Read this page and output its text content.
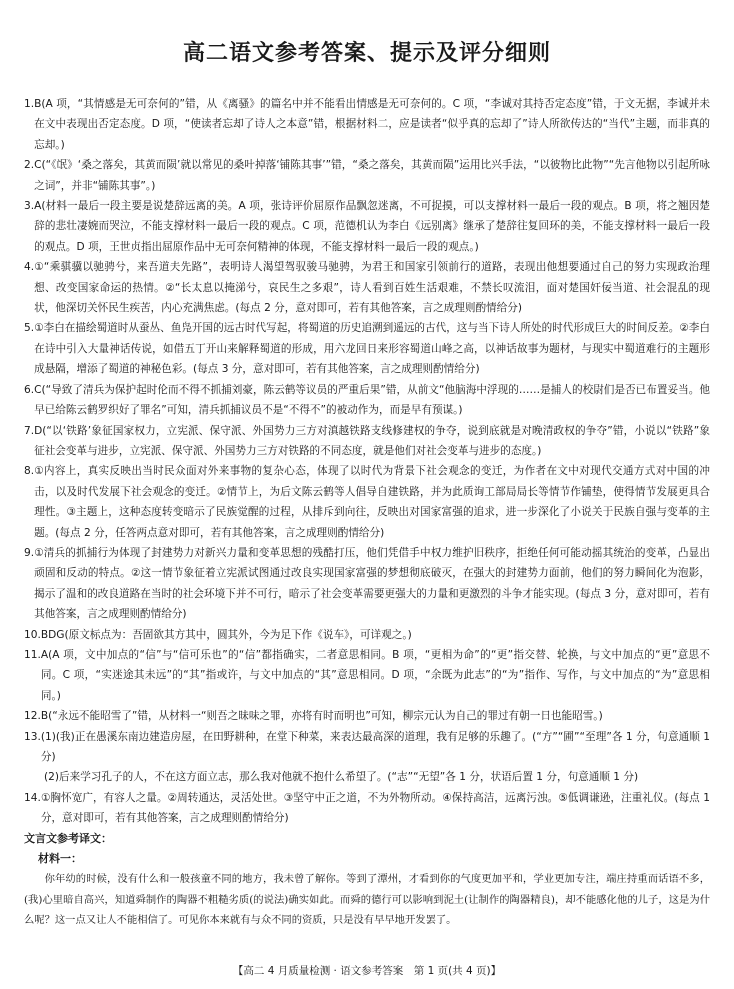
高二语文参考答案、提示及评分细则
1. B(A 项，“其情感是无可奈何的”错，从《离骚》的篇名中并不能看出情感是无可奈何的。C 项，“李诚对其持否定态度”错，于文无据，李诚并未在文中表现出否定态度。D 项，“使读者忘却了诗人之本意”错，根据材料二，应是读者“似乎真的忘却了”诗人所欲传达的“当代”主题，而非真的忘却。)
2. C(“《氓》‘桑之落矣，其黄而陨’就以常见的桑叶掉落‘铺陈其事’”错，“桑之落矣，其黄而陨”运用比兴手法，“以彼物比此物”“先言他物以引起所咏之词”，并非“铺陈其事”。)
3. A(材料一最后一段主要是说楚辞远离的美。A 项，张诗评价屈原作品飘忽迷离，不可捉摸，可以支撑材料一最后一段的观点。B 项，将之翘因楚辞的悲壮凄婉而哭泣，不能支撑材料一最后一段的观点。C 项，范德机认为李白《远别离》继承了楚辞往复回环的美，不能支撑材料一最后一段的观点。D 项，王世贞指出屈原作品中无可奈何精神的体现，不能支撑材料一最后一段的观点。)
4. ①“乘骐骥以驰骋兮，来吾道夫先路”，表明诗人渴望驾驭骏马驰骋，为君王和国家引领前行的道路，表现出他想要通过自己的努力实现政治理想、改变国家命运的热情。②“长太息以掩涕兮，哀民生之多艰”，诗人看到百姓生活艰难，不禁长叹流泪，面对楚国奸佞当道、社会混乱的现状，他深切关怀民生疾苦，内心充满焦虑。(每点 2 分，意对即可，若有其他答案，言之成理则酌情给分)
5. ①李白在描绘蜀道时从蚕丛、鱼凫开国的远古时代写起，将蜀道的历史追溯到遥远的古代，这与当下诗人所处的时代形成巨大的时间反差。②李白在诗中引入大量神话传说，如借五丁开山来解释蜀道的形成，用六龙回日来形容蜀道山峰之高，以神话故事为题材，与现实中蜀道难行的主题形成悬隔，增添了蜀道的神秘色彩。(每点 3 分，意对即可，若有其他答案，言之成理则酌情给分)
6. C(“导致了清兵为保护起时伦而不得不抓捕刘豪，陈云鹤等议员的严重后果”错，从前文“他脑海中浮现的……是捕人的校尉们是否已布置妥当。他早已给陈云鹤罗织好了罪名”可知，清兵抓捕议员不是“不得不”的被动作为，而是早有预谋。)
7. D(“以‘铁路’象征国家权力，立宪派、保守派、外国势力三方对滇越铁路支线修建权的争夺，说到底就是对晚清政权的争夺”错，小说以“铁路”象征社会变革与进步，立宪派、保守派、外国势力三方对铁路的不同态度，就是他们对社会变革与进步的态度。)
8. ①内容上，真实反映出当时民众面对外来事物的复杂心态，体现了以时代为背景下社会观念的变迁，为作者在文中对现代交通方式对中国的冲击，以及时代发展下社会观念的变迁。②情节上，为后文陈云鹤等人倡导自建铁路，并为此质询工部局局长等情节作铺垫，使得情节发展更具合理性。③主题上，这种态度转变暗示了民族觉醒的过程，从排斥到向往，反映出对国家富强的追求，进一步深化了小说关于民族自强与变革的主题。(每点 2 分，任答两点意对即可，若有其他答案，言之成理则酌情给分)
9. ①清兵的抓捕行为体现了封建势力对新兴力量和变革思想的残酷打压，他们凭借手中权力维护旧秩序，拒绝任何可能动摇其统治的变革，凸显出顽固和反动的特点。②这一情节象征着立宪派试图通过改良实现国家富强的梦想彻底破灭，在强大的封建势力面前，他们的努力瞬间化为泡影，揭示了温和的改良道路在当时的社会环境下并不可行，暗示了社会变革需要更强大的力量和更激烈的斗争才能实现。(每点 3 分，意对即可，若有其他答案，言之成理则酌情给分)
10. BDG(原文标点为：吾固欲其方其中，圆其外，今为足下作《说车》，可详观之。)
11. A(A 项，文中加点的“信”与“信可乐也”的“信”都指确实，二者意思相同。B 项，“更相为命”的“更”指交替、轮换，与文中加点的“更”意思不同。C 项，“实迷途其未远”的“其”指或许，与文中加点的“其”意思相同。D 项，“余既为此志”的“为”指作、写作，与文中加点的“为”意思相同。)
12. B(“永远不能昭雪了”错，从材料一“则吾之昧味之罪，亦将有时而明也”可知，柳宗元认为自己的罪过有朝一日也能昭雪。)
13. (1)(我)正在愚溪东南边建造房屋，在田野耕种，在堂下种菜，来表达最高深的道理，我有足够的乐趣了。(“方”“圃”“至理”各 1 分，句意通顺 1 分)
(2)后来学习孔子的人，不在这方面立志，那么我对他就不抱什么希望了。(“志”“无望”各 1 分，状语后置 1 分，句意通顺 1 分)
14. ①胸怀宽广，有容人之量。②周转通达，灵活处世。③坚守中正之道，不为外物所动。④保持高洁，远离污浊。⑤低调谦逊，注重礼仪。(每点 1 分，意对即可，若有其他答案，言之成理则酌情给分)
文言文参考译文：
材料一：
你年幼的时候，没有什么和一般孩童不同的地方，我未曾了解你。等到了潭州，才看到你的气度更加平和，学业更加专注，端庄持重而话语不多，(我)心里暗自高兴，知道舜制作的陶器不粗糙劣质(的说法)确实如此。而舜的德行可以影响到泥土(让制作的陶器精良)，却不能感化他的儿子，这是为什么呢？这一点又让人不能相信了。可见你本来就有与众不同的资质，只是没有早早地开发罢了。
【高二 4 月质量检测 · 语文参考答案　第 1 页(共 4 页)】
